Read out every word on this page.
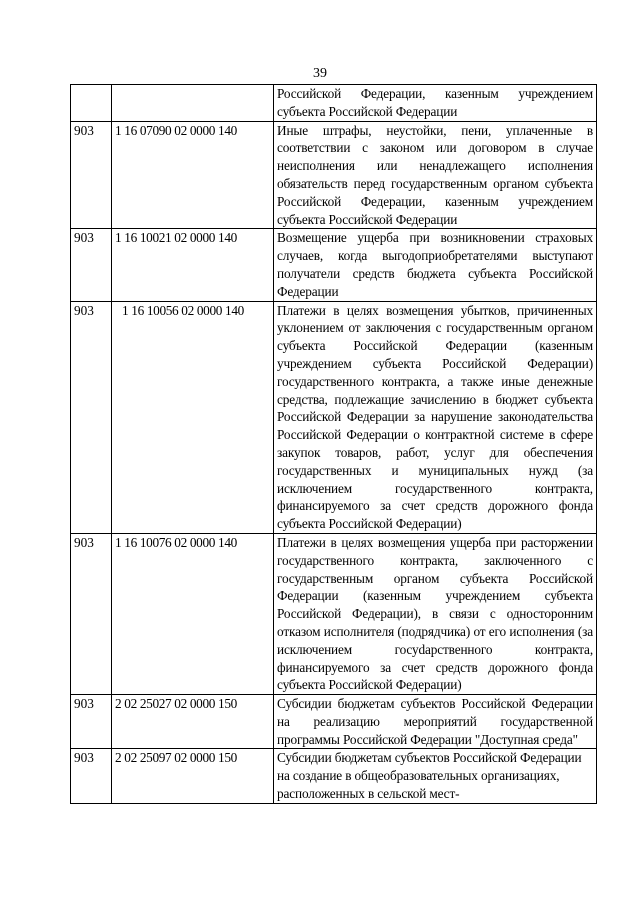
39
		Российской Федерации, казенным учреждением субъекта Российской Федерации
903	1 16 07090 02 0000 140	Иные штрафы, неустойки, пени, уплаченные в соответствии с законом или договором в случае неисполнения или ненадлежащего исполнения обязательств перед государственным органом субъекта Российской Федерации, казенным учреждением субъекта Российской Федерации
903	1 16 10021 02 0000 140	Возмещение ущерба при возникновении страховых случаев, когда выгодоприобретателями выступают получатели средств бюджета субъекта Российской Федерации
903	1 16 10056 02 0000 140	Платежи в целях возмещения убытков, причиненных уклонением от заключения с государственным органом субъекта Российской Федерации (казенным учреждением субъекта Российской Федерации) государственного контракта, а также иные денежные средства, подлежащие зачислению в бюджет субъекта Российской Федерации за нарушение законодательства Российской Федерации о контрактной системе в сфере закупок товаров, работ, услуг для обеспечения государственных и муниципальных нужд (за исключением государственного контракта, финансируемого за счет средств дорожного фонда субъекта Российской Федерации)
903	1 16 10076 02 0000 140	Платежи в целях возмещения ущерба при расторжении государственного контракта, заключенного с государственным органом субъекта Российской Федерации (казенным учреждением субъекта Российской Федерации), в связи с односторонним отказом исполнителя (подрядчика) от его исполнения (за исключением госуdарственного контракта, финансируемого за счет средств дорожного фонда субъекта Российской Федерации)
903	2 02 25027 02 0000 150	Субсидии бюджетам субъектов Российской Федерации на реализацию мероприятий государственной программы Российской Федерации "Доступная среда"
903	2 02 25097 02 0000 150	Субсидии бюджетам субъектов Российской Федерации на создание в общеобразовательных организациях, расположенных в сельской мест-
